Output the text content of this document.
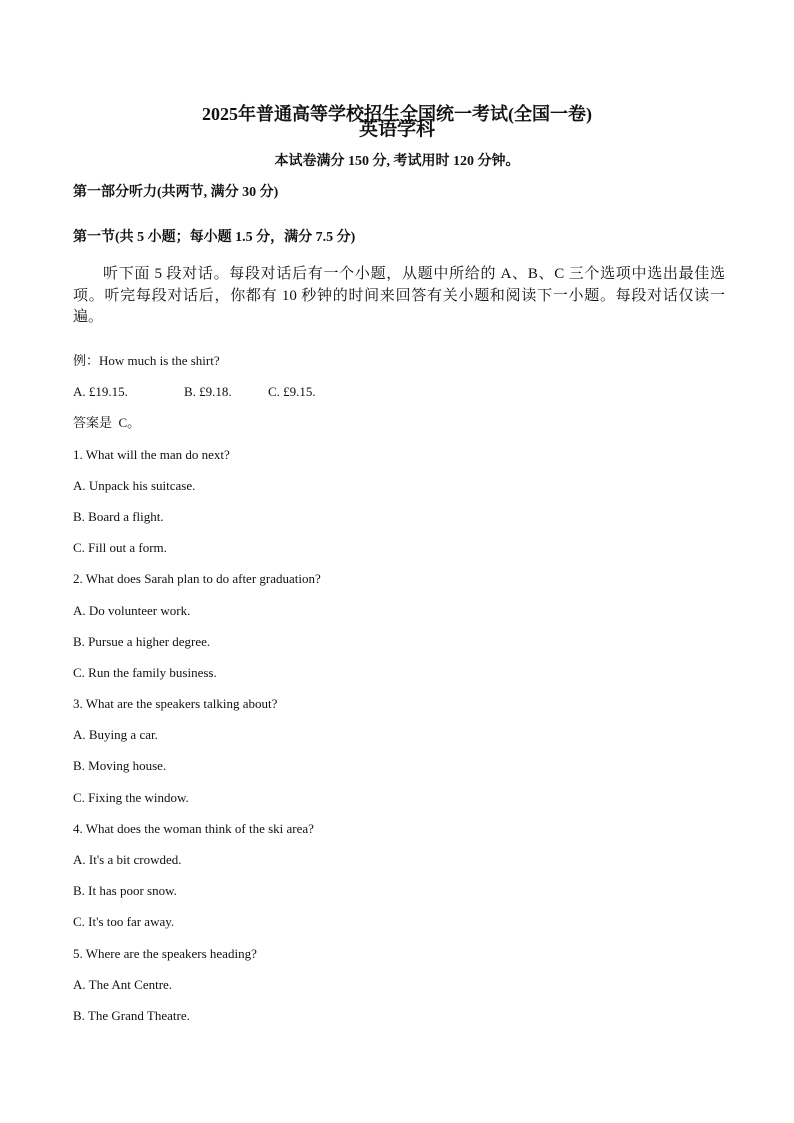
2025年普通高等学校招生全国统一考试(全国一卷)
英语学科
本试卷满分 150 分, 考试用时 120 分钟。
第一部分听力(共两节, 满分 30 分)
第一节(共 5 小题；每小题 1.5 分，满分 7.5 分)
听下面 5 段对话。每段对话后有一个小题，从题中所给的 A、B、C 三个选项中选出最佳选项。听完每段对话后，你都有 10 秒钟的时间来回答有关小题和阅读下一小题。每段对话仅读一遍。
例：How much is the shirt?
A. £19.15.	B. £9.18.	C. £9.15.
答案是  C。
1. What will the man do next?
A. Unpack his suitcase.
B. Board a flight.
C. Fill out a form.
2. What does Sarah plan to do after graduation?
A. Do volunteer work.
B. Pursue a higher degree.
C. Run the family business.
3. What are the speakers talking about?
A. Buying a car.
B. Moving house.
C. Fixing the window.
4. What does the woman think of the ski area?
A. It's a bit crowded.
B. It has poor snow.
C. It's too far away.
5. Where are the speakers heading?
A. The Ant Centre.
B. The Grand Theatre.
